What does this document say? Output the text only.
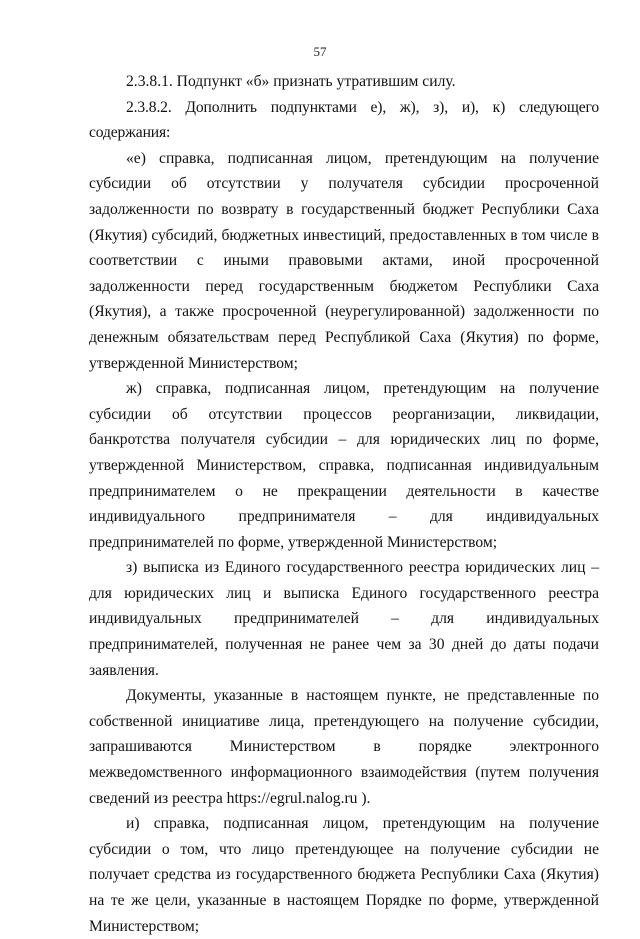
57

2.3.8.1. Подпункт «б» признать утратившим силу.

2.3.8.2. Дополнить подпунктами е), ж), з), и), к) следующего содержания:

«е) справка, подписанная лицом, претендующим на получение субсидии об отсутствии у получателя субсидии просроченной задолженности по возврату в государственный бюджет Республики Саха (Якутия) субсидий, бюджетных инвестиций, предоставленных в том числе в соответствии с иными правовыми актами, иной просроченной задолженности перед государственным бюджетом Республики Саха (Якутия), а также просроченной (неурегулированной) задолженности по денежным обязательствам перед Республикой Саха (Якутия) по форме, утвержденной Министерством;

ж) справка, подписанная лицом, претендующим на получение субсидии об отсутствии процессов реорганизации, ликвидации, банкротства получателя субсидии – для юридических лиц по форме, утвержденной Министерством, справка, подписанная индивидуальным предпринимателем о не прекращении деятельности в качестве индивидуального предпринимателя – для индивидуальных предпринимателей по форме, утвержденной Министерством;

з) выписка из Единого государственного реестра юридических лиц – для юридических лиц и выписка Единого государственного реестра индивидуальных предпринимателей – для индивидуальных предпринимателей, полученная не ранее чем за 30 дней до даты подачи заявления.

Документы, указанные в настоящем пункте, не представленные по собственной инициативе лица, претендующего на получение субсидии, запрашиваются Министерством в порядке электронного межведомственного информационного взаимодействия (путем получения сведений из реестра https://egrul.nalog.ru ).

и) справка, подписанная лицом, претендующим на получение субсидии о том, что лицо претендующее на получение субсидии не получает средства из государственного бюджета Республики Саха (Якутия) на те же цели, указанные в настоящем Порядке по форме, утвержденной Министерством;
